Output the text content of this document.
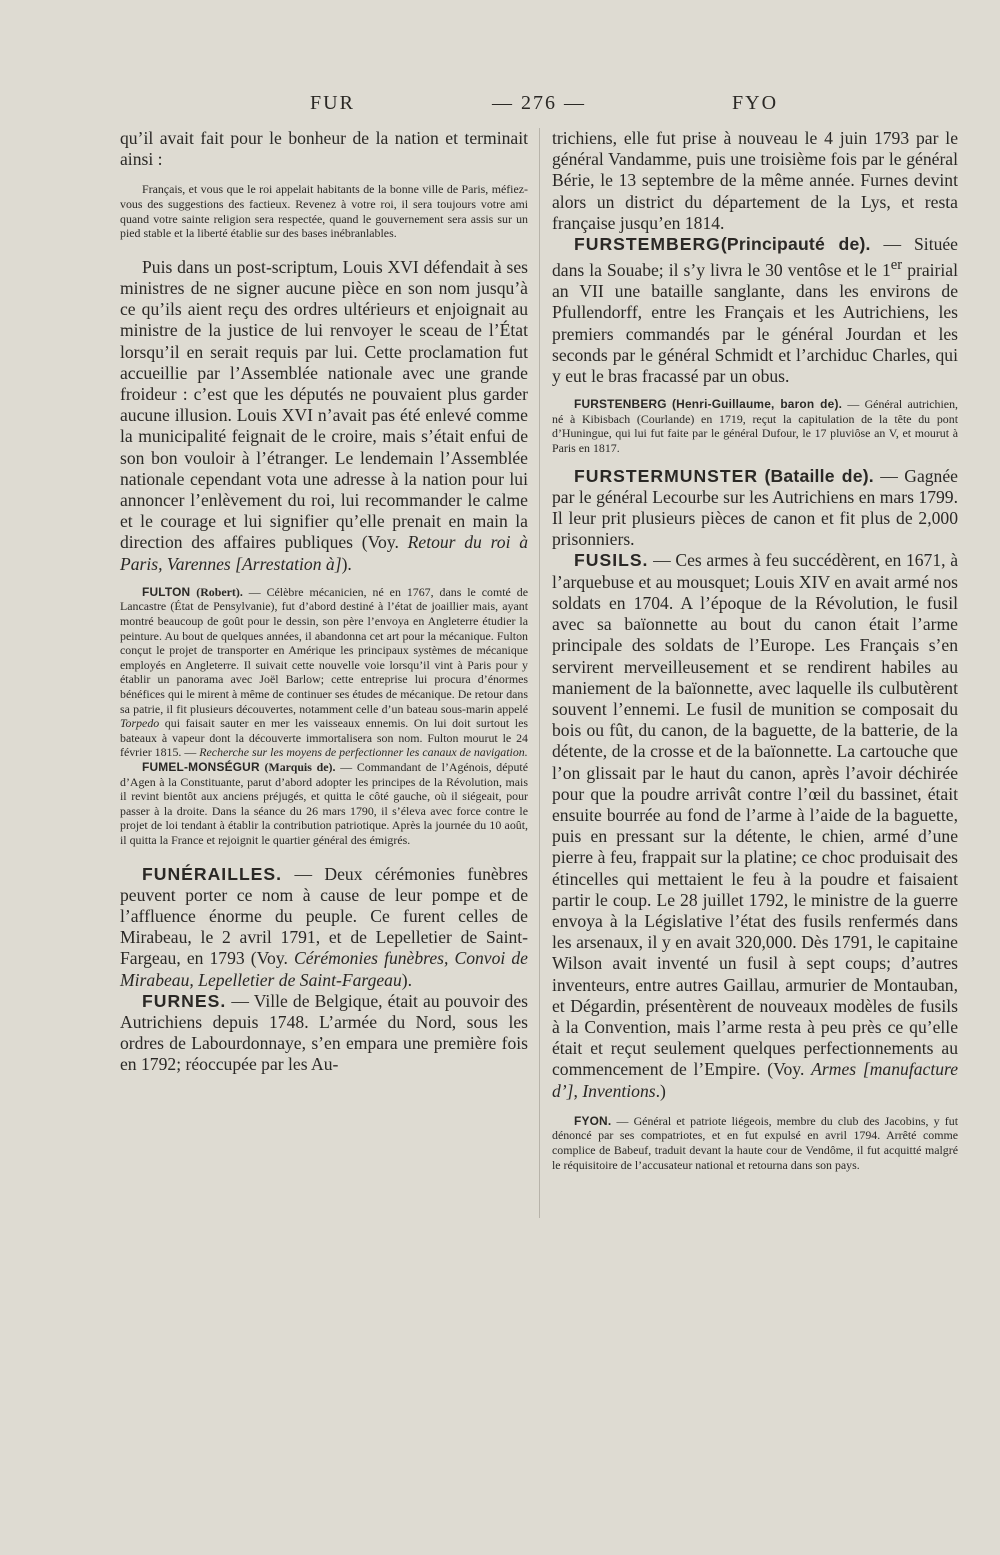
FUR	— 276 —	FYO

qu’il avait fait pour le bonheur de la nation et terminait ainsi :

Français, et vous que le roi appelait habitants de la bonne ville de Paris, méfiez-vous des suggestions des factieux. Revenez à votre roi, il sera toujours votre ami quand votre sainte religion sera respectée, quand le gouvernement sera assis sur un pied stable et la liberté établie sur des bases inébranlables.

Puis dans un post-scriptum, Louis XVI défendait à ses ministres de ne signer aucune pièce en son nom jusqu’à ce qu’ils aient reçu des ordres ultérieurs et enjoignait au ministre de la justice de lui renvoyer le sceau de l’État lorsqu’il en serait requis par lui. Cette proclamation fut accueillie par l’Assemblée nationale avec une grande froideur : c’est que les députés ne pouvaient plus garder aucune illusion. Louis XVI n’avait pas été enlevé comme la municipalité feignait de le croire, mais s’était enfui de son bon vouloir à l’étranger. Le lendemain l’Assemblée nationale cependant vota une adresse à la nation pour lui annoncer l’enlèvement du roi, lui recommander le calme et le courage et lui signifier qu’elle prenait en main la direction des affaires publiques (Voy. Retour du roi à Paris, Varennes [Arrestation à]).

FULTON (Robert). — Célèbre mécanicien, né en 1767, dans le comté de Lancastre (État de Pensylvanie), fut d’abord destiné à l’état de joaillier mais, ayant montré beaucoup de goût pour le dessin, son père l’envoya en Angleterre étudier la peinture. Au bout de quelques années, il abandonna cet art pour la mécanique. Fulton conçut le projet de transporter en Amérique les principaux systèmes de mécanique employés en Angleterre. Il suivait cette nouvelle voie lorsqu’il vint à Paris pour y établir un panorama avec Joël Barlow; cette entreprise lui procura d’énormes bénéfices qui le mirent à même de continuer ses études de mécanique. De retour dans sa patrie, il fit plusieurs découvertes, notamment celle d’un bateau sous-marin appelé Torpedo qui faisait sauter en mer les vaisseaux ennemis. On lui doit surtout les bateaux à vapeur dont la découverte immortalisera son nom. Fulton mourut le 24 février 1815. — Recherche sur les moyens de perfectionner les canaux de navigation.

FUMEL-MONSÉGUR (Marquis de). — Commandant de l’Agénois, député d’Agen à la Constituante, parut d’abord adopter les principes de la Révolution, mais il revint bientôt aux anciens préjugés, et quitta le côté gauche, où il siégeait, pour passer à la droite. Dans la séance du 26 mars 1790, il s’éleva avec force contre le projet de loi tendant à établir la contribution patriotique. Après la journée du 10 août, il quitta la France et rejoignit le quartier général des émigrés.

FUNÉRAILLES. — Deux cérémonies funèbres peuvent porter ce nom à cause de leur pompe et de l’affluence énorme du peuple. Ce furent celles de Mirabeau, le 2 avril 1791, et de Lepelletier de Saint-Fargeau, en 1793 (Voy. Cérémonies funèbres, Convoi de Mirabeau, Lepelletier de Saint-Fargeau).

FURNES. — Ville de Belgique, était au pouvoir des Autrichiens depuis 1748. L’armée du Nord, sous les ordres de Labourdonnaye, s’en empara une première fois en 1792; réoccupée par les Au-

trichiens, elle fut prise à nouveau le 4 juin 1793 par le général Vandamme, puis une troisième fois par le général Bérie, le 13 septembre de la même année. Furnes devint alors un district du département de la Lys, et resta française jusqu’en 1814.

FURSTEMBERG(Principauté de). — Située dans la Souabe; il s’y livra le 30 ventôse et le 1er prairial an VII une bataille sanglante, dans les environs de Pfullendorff, entre les Français et les Autrichiens, les premiers commandés par le général Jourdan et les seconds par le général Schmidt et l’archiduc Charles, qui y eut le bras fracassé par un obus.

FURSTENBERG (Henri-Guillaume, baron de). — Général autrichien, né à Kibisbach (Courlande) en 1719, reçut la capitulation de la tête du pont d’Huningue, qui lui fut faite par le général Dufour, le 17 pluviôse an V, et mourut à Paris en 1817.

FURSTERMUNSTER (Bataille de). — Gagnée par le général Lecourbe sur les Autrichiens en mars 1799. Il leur prit plusieurs pièces de canon et fit plus de 2,000 prisonniers.

FUSILS. — Ces armes à feu succédèrent, en 1671, à l’arquebuse et au mousquet; Louis XIV en avait armé nos soldats en 1704. A l’époque de la Révolution, le fusil avec sa baïonnette au bout du canon était l’arme principale des soldats de l’Europe. Les Français s’en servirent merveilleusement et se rendirent habiles au maniement de la baïonnette, avec laquelle ils culbutèrent souvent l’ennemi. Le fusil de munition se composait du bois ou fût, du canon, de la baguette, de la batterie, de la détente, de la crosse et de la baïonnette. La cartouche que l’on glissait par le haut du canon, après l’avoir déchirée pour que la poudre arrivât contre l’œil du bassinet, était ensuite bourrée au fond de l’arme à l’aide de la baguette, puis en pressant sur la détente, le chien, armé d’une pierre à feu, frappait sur la platine; ce choc produisait des étincelles qui mettaient le feu à la poudre et faisaient partir le coup. Le 28 juillet 1792, le ministre de la guerre envoya à la Législative l’état des fusils renfermés dans les arsenaux, il y en avait 320,000. Dès 1791, le capitaine Wilson avait inventé un fusil à sept coups; d’autres inventeurs, entre autres Gaillau, armurier de Montauban, et Dégardin, présentèrent de nouveaux modèles de fusils à la Convention, mais l’arme resta à peu près ce qu’elle était et reçut seulement quelques perfectionnements au commencement de l’Empire. (Voy. Armes [manufacture d’], Inventions.)

FYON. — Général et patriote liégeois, membre du club des Jacobins, y fut dénoncé par ses compatriotes, et en fut expulsé en avril 1794. Arrêté comme complice de Babeuf, traduit devant la haute cour de Vendôme, il fut acquitté malgré le réquisitoire de l’accusateur national et retourna dans son pays.
